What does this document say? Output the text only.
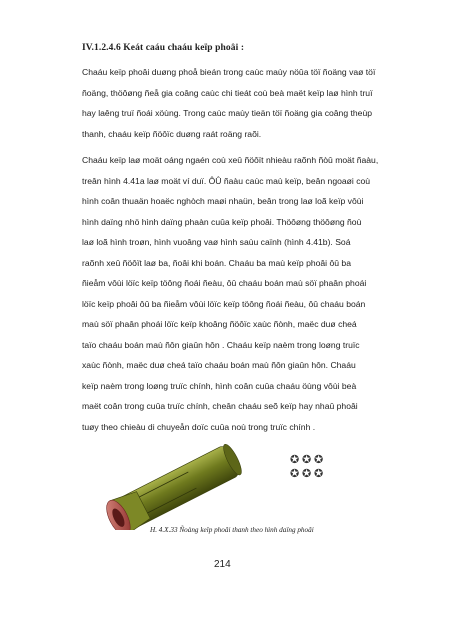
IV.1.2.4.6 Keát caáu chaáu keïp phoâi :

Chaáu keïp phoâi duøng phoå bieán trong caùc maùy nöûa töï ñoäng vaø töï
ñoäng, thöôøng ñeå gia coâng caùc chi tieát coù beà maët keïp laø hình truï
hay laêng truï ñoái xöùng. Trong caùc maùy tieän töï ñoäng gia coâng theùp
thanh, chaáu keïp ñöôïc duøng raát roäng raõi.

Chaáu keïp laø moät oáng ngaén coù xeû ñöôït nhieàu raõnh ñòû moät ñaàu,
treân hình 4.41a laø moät ví duï. ÔÛ ñaàu caùc maù keïp, beân ngoaøi coù
hình coân thuaän hoaëc nghòch maøi nhaün, beân trong laø loã keïp vôùi
hình daïng nhö hình daïng phaàn cuûa keïp phoâi. Thöôøng thöôøng ñoù
laø loã hình troøn, hình vuoâng vaø hình saùu caïnh (hình 4.41b). Soá
raõnh xeû ñöôït laø ba, ñoâi khi boán. Chaáu ba maù keïp phoâi ôû ba
ñieåm vôùi löïc keïp töông ñoái ñeàu, ôû chaáu boán maù söï phaân phoái
löïc keïp phoâi ôû ba ñieåm vôùi löïc keïp töông ñoái ñeàu, ôû chaáu boán
maù söï phaân phoái löïc keïp khoâng ñöôïc xaùc ñònh, maëc duø cheá
taïo chaáu boán maù ñôn giaûn hôn . Chaáu keïp naèm trong loøng truïc
xaùc ñònh, maëc duø cheá taïo chaáu boán maù ñôn giaûn hôn. Chaáu
keïp naèm trong loøng truïc chính, hình coân cuûa chaáu öùng vôùi beà
maët coân trong cuûa truïc chính, cheân chaáu seõ keïp hay nhaû phoâi
tuøy theo chieàu di chuyeån doïc cuûa noù trong truïc chính .

✪ ✪ ✪
✪ ✪ ✪
H. 4.X.33 Ñoàng keïp phoâi thanh theo hình daïng phoâi
214
